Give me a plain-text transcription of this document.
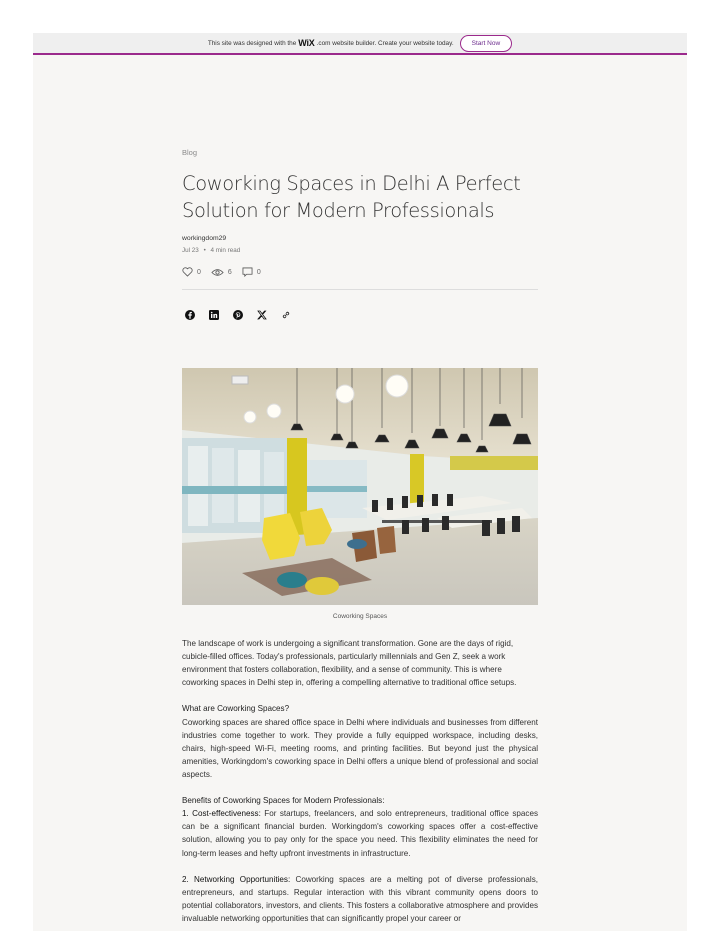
This site was designed with the WiX .com website builder. Create your website today.	Start Now
Blog
Coworking Spaces in Delhi A Perfect Solution for Modern Professionals
workingdom29
Jul 23 • 4 min read
0	6	0
Coworking Spaces

The landscape of work is undergoing a significant transformation. Gone are the days of rigid, cubicle-filled offices. Today's professionals, particularly millennials and Gen Z, seek a work environment that fosters collaboration, flexibility, and a sense of community. This is where coworking spaces in Delhi step in, offering a compelling alternative to traditional office setups.

What are Coworking Spaces?
Coworking spaces are shared office space in Delhi where individuals and businesses from different industries come together to work. They provide a fully equipped workspace, including desks, chairs, high-speed Wi-Fi, meeting rooms, and printing facilities. But beyond just the physical amenities, Workingdom's coworking space in Delhi offers a unique blend of professional and social aspects.

Benefits of Coworking Spaces for Modern Professionals:
1. Cost-effectiveness: For startups, freelancers, and solo entrepreneurs, traditional office spaces can be a significant financial burden. Workingdom's coworking spaces offer a cost-effective solution, allowing you to pay only for the space you need. This flexibility eliminates the need for long-term leases and hefty upfront investments in infrastructure.

2. Networking Opportunities: Coworking spaces are a melting pot of diverse professionals, entrepreneurs, and startups. Regular interaction with this vibrant community opens doors to potential collaborators, investors, and clients. This fosters a collaborative atmosphere and provides invaluable networking opportunities that can significantly propel your career or
